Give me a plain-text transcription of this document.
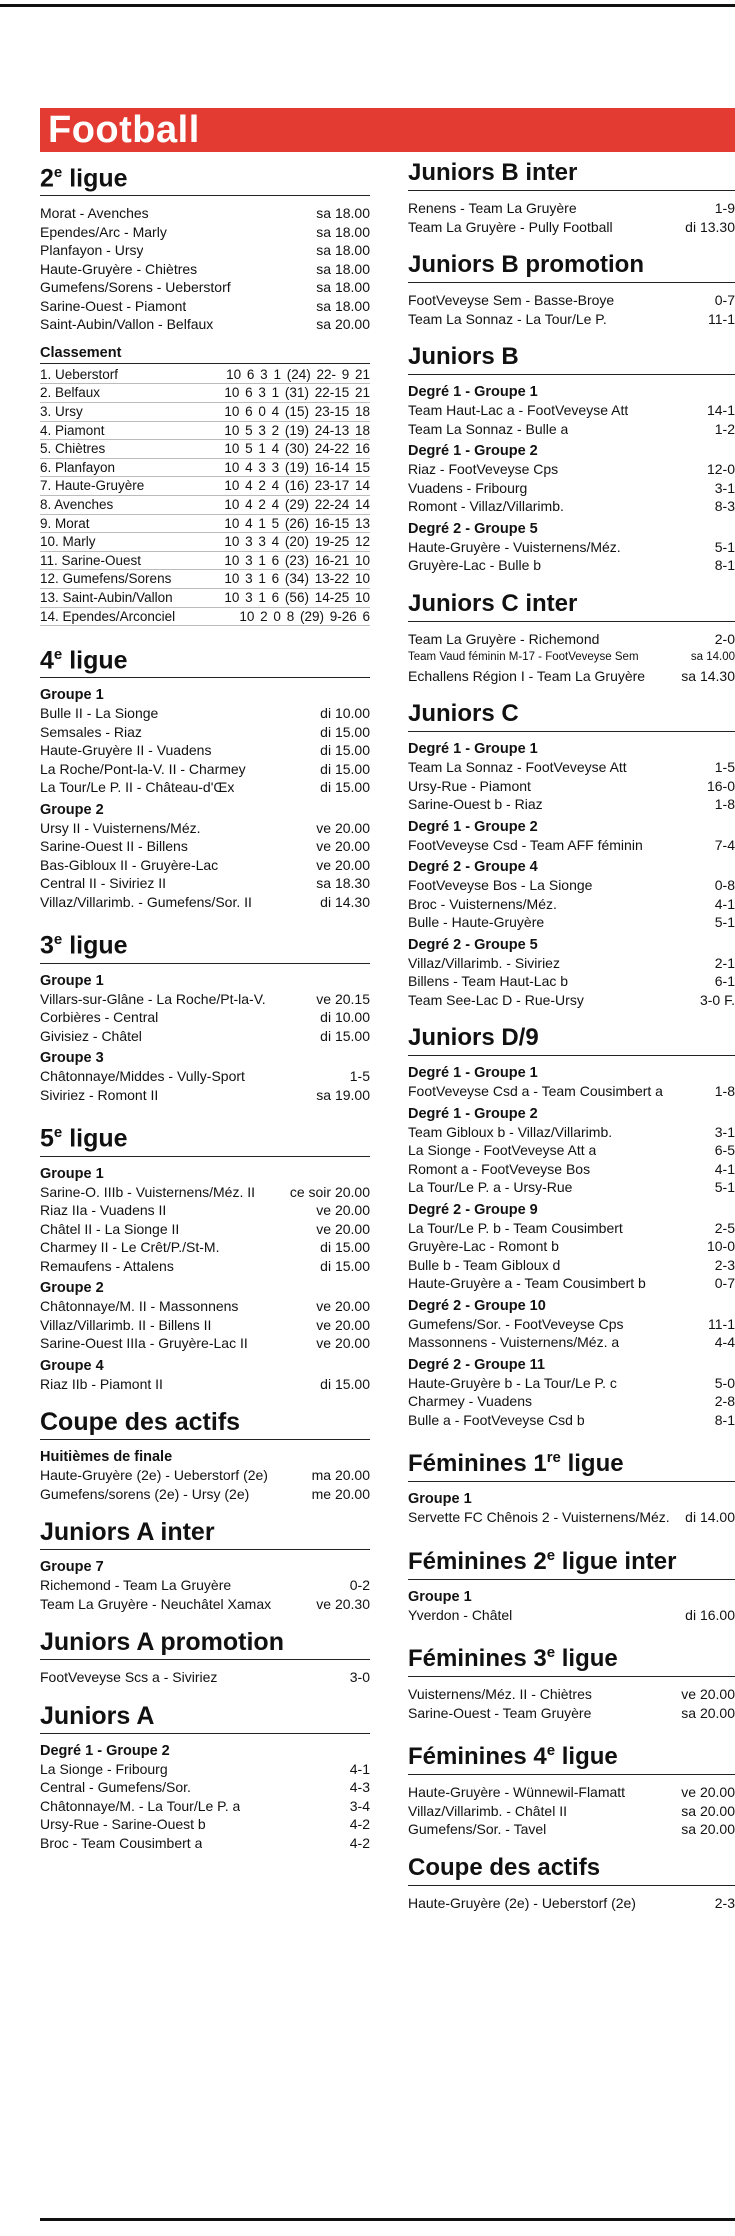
Football
2e ligue
Morat - Avenches	sa 18.00
Ependes/Arc - Marly	sa 18.00
Planfayon - Ursy	sa 18.00
Haute-Gruyère - Chiètres	sa 18.00
Gumefens/Sorens - Ueberstorf	sa 18.00
Sarine-Ouest - Piamont	sa 18.00
Saint-Aubin/Vallon - Belfaux	sa 20.00
Classement
1. Ueberstorf	10 6 3 1 (24) 22- 9 21
2. Belfaux	10 6 3 1 (31) 22-15 21
3. Ursy	10 6 0 4 (15) 23-15 18
4. Piamont	10 5 3 2 (19) 24-13 18
5. Chiètres	10 5 1 4 (30) 24-22 16
6. Planfayon	10 4 3 3 (19) 16-14 15
7. Haute-Gruyère	10 4 2 4 (16) 23-17 14
8. Avenches	10 4 2 4 (29) 22-24 14
9. Morat	10 4 1 5 (26) 16-15 13
10. Marly	10 3 3 4 (20) 19-25 12
11. Sarine-Ouest	10 3 1 6 (23) 16-21 10
12. Gumefens/Sorens	10 3 1 6 (34) 13-22 10
13. Saint-Aubin/Vallon	10 3 1 6 (56) 14-25 10
14. Ependes/Arconciel	10 2 0 8 (29) 9-26 6
4e ligue
Groupe 1
Bulle II - La Sionge	di 10.00
Semsales - Riaz	di 15.00
Haute-Gruyère II - Vuadens	di 15.00
La Roche/Pont-la-V. II - Charmey	di 15.00
La Tour/Le P. II - Château-d'Œx	di 15.00
Groupe 2
Ursy II - Vuisternens/Méz.	ve 20.00
Sarine-Ouest II - Billens	ve 20.00
Bas-Gibloux II - Gruyère-Lac	ve 20.00
Central II - Siviriez II	sa 18.30
Villaz/Villarimb. - Gumefens/Sor. II	di 14.30
3e ligue
Groupe 1
Villars-sur-Glâne - La Roche/Pt-la-V.	ve 20.15
Corbières - Central	di 10.00
Givisiez - Châtel	di 15.00
Groupe 3
Châtonnaye/Middes - Vully-Sport	1-5
Siviriez - Romont II	sa 19.00
5e ligue
Groupe 1
Sarine-O. IIIb - Vuisternens/Méz. II	ce soir 20.00
Riaz IIa - Vuadens II	ve 20.00
Châtel II - La Sionge II	ve 20.00
Charmey II - Le Crêt/P./St-M.	di 15.00
Remaufens - Attalens	di 15.00
Groupe 2
Châtonnaye/M. II - Massonnens	ve 20.00
Villaz/Villarimb. II - Billens II	ve 20.00
Sarine-Ouest IIIa - Gruyère-Lac II	ve 20.00
Groupe 4
Riaz IIb - Piamont II	di 15.00
Coupe des actifs
Huitièmes de finale
Haute-Gruyère (2e) - Ueberstorf (2e)	ma 20.00
Gumefens/sorens (2e) - Ursy (2e)	me 20.00
Juniors A inter
Groupe 7
Richemond - Team La Gruyère	0-2
Team La Gruyère - Neuchâtel Xamax	ve 20.30
Juniors A promotion
FootVeveyse Scs a - Siviriez	3-0
Juniors A
Degré 1 - Groupe 2
La Sionge - Fribourg	4-1
Central - Gumefens/Sor.	4-3
Châtonnaye/M. - La Tour/Le P. a	3-4
Ursy-Rue - Sarine-Ouest b	4-2
Broc - Team Cousimbert a	4-2
Juniors B inter
Renens - Team La Gruyère	1-9
Team La Gruyère - Pully Football	di 13.30
Juniors B promotion
FootVeveyse Sem - Basse-Broye	0-7
Team La Sonnaz - La Tour/Le P.	11-1
Juniors B
Degré 1 - Groupe 1
Team Haut-Lac a - FootVeveyse Att	14-1
Team La Sonnaz - Bulle a	1-2
Degré 1 - Groupe 2
Riaz - FootVeveyse Cps	12-0
Vuadens - Fribourg	3-1
Romont - Villaz/Villarimb.	8-3
Degré 2 - Groupe 5
Haute-Gruyère - Vuisternens/Méz.	5-1
Gruyère-Lac - Bulle b	8-1
Juniors C inter
Team La Gruyère - Richemond	2-0
Team Vaud féminin M-17 - FootVeveyse Sem	sa 14.00
Echallens Région I - Team La Gruyère	sa 14.30
Juniors C
Degré 1 - Groupe 1
Team La Sonnaz - FootVeveyse Att	1-5
Ursy-Rue - Piamont	16-0
Sarine-Ouest b - Riaz	1-8
Degré 1 - Groupe 2
FootVeveyse Csd - Team AFF féminin	7-4
Degré 2 - Groupe 4
FootVeveyse Bos - La Sionge	0-8
Broc - Vuisternens/Méz.	4-1
Bulle - Haute-Gruyère	5-1
Degré 2 - Groupe 5
Villaz/Villarimb. - Siviriez	2-1
Billens - Team Haut-Lac b	6-1
Team See-Lac D - Rue-Ursy	3-0 F.
Juniors D/9
Degré 1 - Groupe 1
FootVeveyse Csd a - Team Cousimbert a	1-8
Degré 1 - Groupe 2
Team Gibloux b - Villaz/Villarimb.	3-1
La Sionge - FootVeveyse Att a	6-5
Romont a - FootVeveyse Bos	4-1
La Tour/Le P. a - Ursy-Rue	5-1
Degré 2 - Groupe 9
La Tour/Le P. b - Team Cousimbert	2-5
Gruyère-Lac - Romont b	10-0
Bulle b - Team Gibloux d	2-3
Haute-Gruyère a - Team Cousimbert b	0-7
Degré 2 - Groupe 10
Gumefens/Sor. - FootVeveyse Cps	11-1
Massonnens - Vuisternens/Méz. a	4-4
Degré 2 - Groupe 11
Haute-Gruyère b - La Tour/Le P. c	5-0
Charmey - Vuadens	2-8
Bulle a - FootVeveyse Csd b	8-1
Féminines 1re ligue
Groupe 1
Servette FC Chênois 2 - Vuisternens/Méz.	di 14.00
Féminines 2e ligue inter
Groupe 1
Yverdon - Châtel	di 16.00
Féminines 3e ligue
Vuisternens/Méz. II - Chiètres	ve 20.00
Sarine-Ouest - Team Gruyère	sa 20.00
Féminines 4e ligue
Haute-Gruyère - Wünnewil-Flamatt	ve 20.00
Villaz/Villarimb. - Châtel II	sa 20.00
Gumefens/Sor. - Tavel	sa 20.00
Coupe des actifs
Haute-Gruyère (2e) - Ueberstorf (2e)	2-3
